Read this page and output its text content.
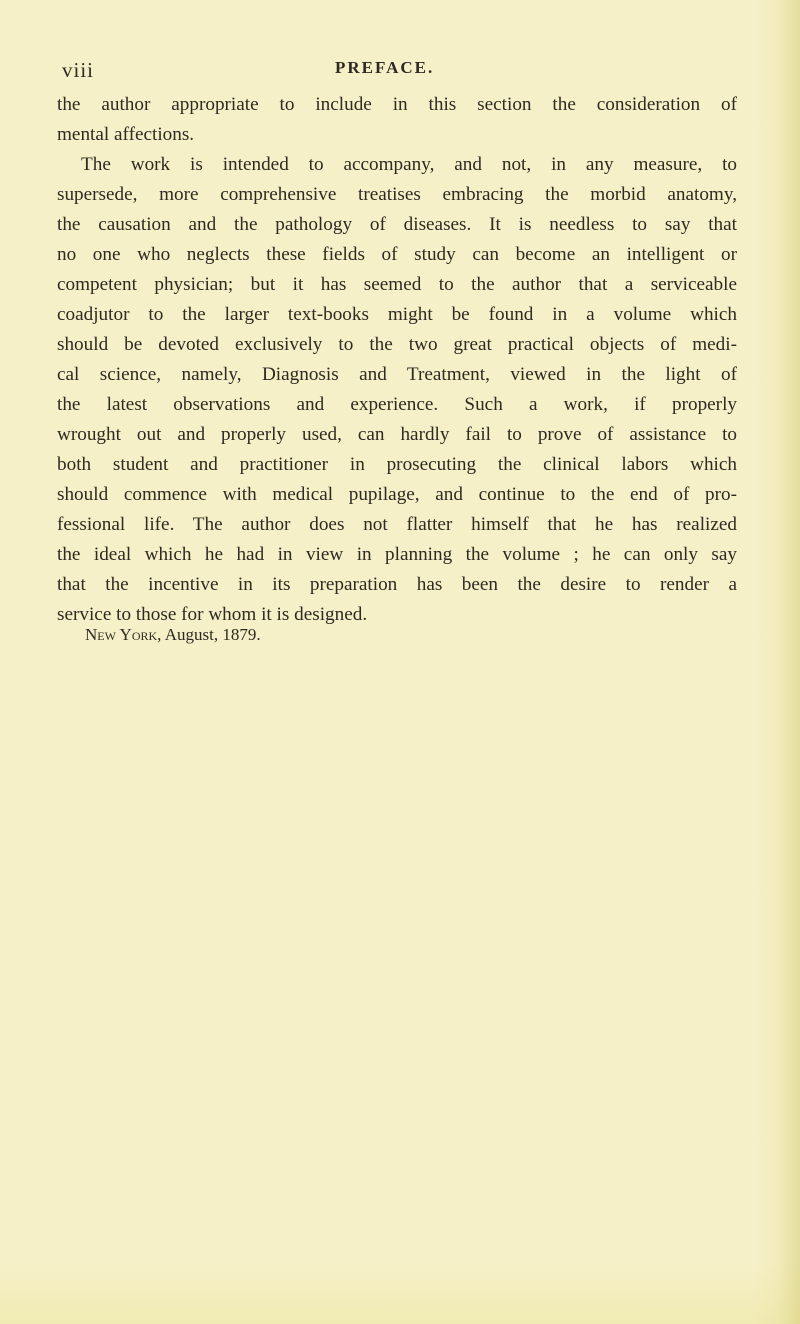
viii	PREFACE.
the author appropriate to include in this section the consideration of
mental affections.
The work is intended to accompany, and not, in any measure, to
supersede, more comprehensive treatises embracing the morbid anatomy,
the causation and the pathology of diseases. It is needless to say that
no one who neglects these fields of study can become an intelligent or
competent physician; but it has seemed to the author that a serviceable
coadjutor to the larger text-books might be found in a volume which
should be devoted exclusively to the two great practical objects of medi-
cal science, namely, Diagnosis and Treatment, viewed in the light of
the latest observations and experience. Such a work, if properly
wrought out and properly used, can hardly fail to prove of assistance to
both student and practitioner in prosecuting the clinical labors which
should commence with medical pupilage, and continue to the end of pro-
fessional life. The author does not flatter himself that he has realized
the ideal which he had in view in planning the volume ; he can only say
that the incentive in its preparation has been the desire to render a
service to those for whom it is designed.
New York, August, 1879.
